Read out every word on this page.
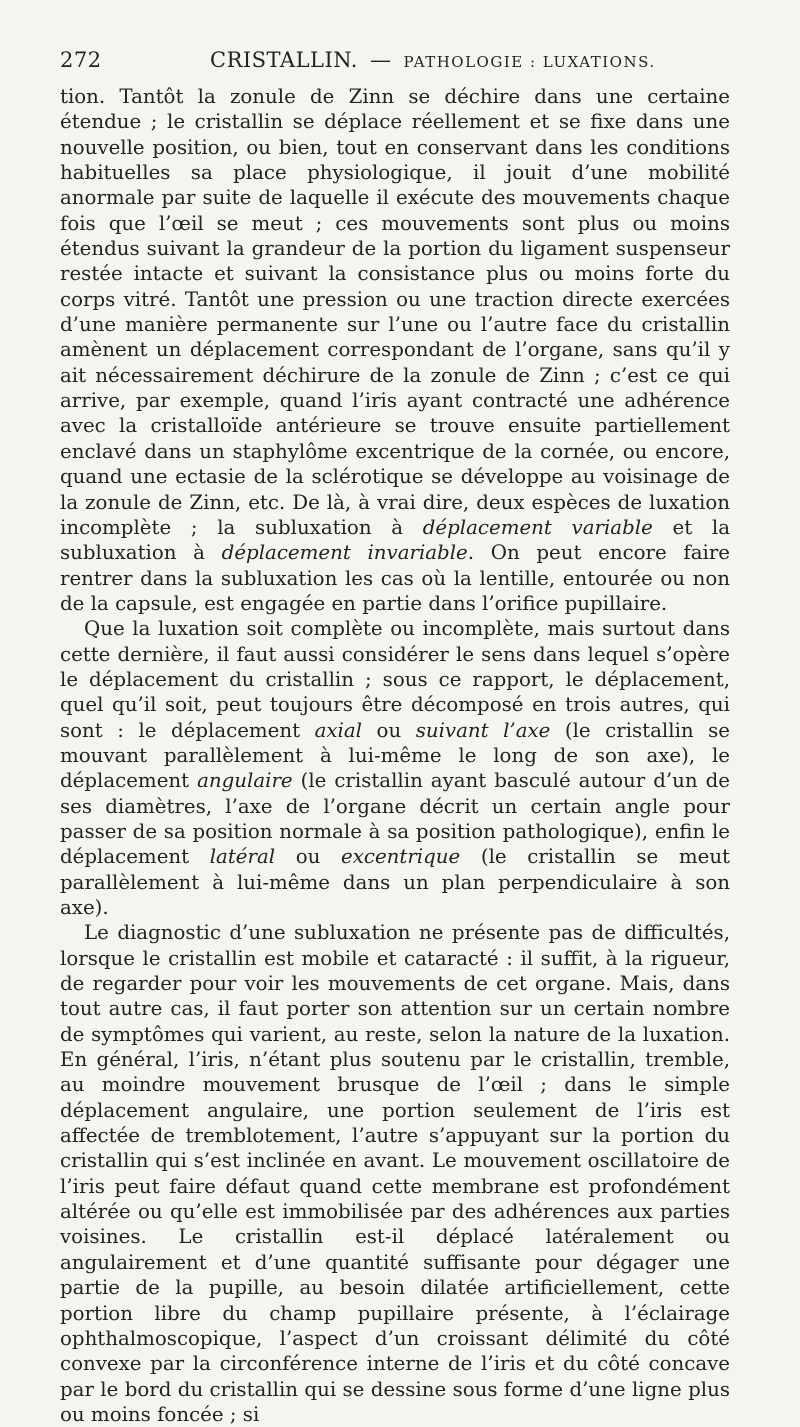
272	CRISTALLIN. — PATHOLOGIE : LUXATIONS.

tion. Tantôt la zonule de Zinn se déchire dans une certaine étendue ; le cristallin se déplace réellement et se fixe dans une nouvelle position, ou bien, tout en conservant dans les conditions habituelles sa place physiologique, il jouit d’une mobilité anormale par suite de laquelle il exécute des mouvements chaque fois que l’œil se meut ; ces mouvements sont plus ou moins étendus suivant la grandeur de la portion du ligament suspenseur restée intacte et suivant la consistance plus ou moins forte du corps vitré. Tantôt une pression ou une traction directe exercées d’une manière permanente sur l’une ou l’autre face du cristallin amènent un déplacement correspondant de l’organe, sans qu’il y ait nécessairement déchirure de la zonule de Zinn ; c’est ce qui arrive, par exemple, quand l’iris ayant contracté une adhérence avec la cristalloïde antérieure se trouve ensuite partiellement enclavé dans un staphylôme excentrique de la cornée, ou encore, quand une ectasie de la sclérotique se développe au voisinage de la zonule de Zinn, etc. De là, à vrai dire, deux espèces de luxation incomplète ; la subluxation à déplacement variable et la subluxation à déplacement invariable. On peut encore faire rentrer dans la subluxation les cas où la lentille, entourée ou non de la capsule, est engagée en partie dans l’orifice pupillaire.

Que la luxation soit complète ou incomplète, mais surtout dans cette dernière, il faut aussi considérer le sens dans lequel s’opère le déplacement du cristallin ; sous ce rapport, le déplacement, quel qu’il soit, peut toujours être décomposé en trois autres, qui sont : le déplacement axial ou suivant l’axe (le cristallin se mouvant parallèlement à lui-même le long de son axe), le déplacement angulaire (le cristallin ayant basculé autour d’un de ses diamètres, l’axe de l’organe décrit un certain angle pour passer de sa position normale à sa position pathologique), enfin le déplacement latéral ou excentrique (le cristallin se meut parallèlement à lui-même dans un plan perpendiculaire à son axe).

Le diagnostic d’une subluxation ne présente pas de difficultés, lorsque le cristallin est mobile et cataracté : il suffit, à la rigueur, de regarder pour voir les mouvements de cet organe. Mais, dans tout autre cas, il faut porter son attention sur un certain nombre de symptômes qui varient, au reste, selon la nature de la luxation. En général, l’iris, n’étant plus soutenu par le cristallin, tremble, au moindre mouvement brusque de l’œil ; dans le simple déplacement angulaire, une portion seulement de l’iris est affectée de tremblotement, l’autre s’appuyant sur la portion du cristallin qui s’est inclinée en avant. Le mouvement oscillatoire de l’iris peut faire défaut quand cette membrane est profondément altérée ou qu’elle est immobilisée par des adhérences aux parties voisines. Le cristallin est-il déplacé latéralement ou angulairement et d’une quantité suffisante pour dégager une partie de la pupille, au besoin dilatée artificiellement, cette portion libre du champ pupillaire présente, à l’éclairage ophthalmoscopique, l’aspect d’un croissant délimité du côté convexe par la circonférence interne de l’iris et du côté concave par le bord du cristallin qui se dessine sous forme d’une ligne plus ou moins foncée ; si
